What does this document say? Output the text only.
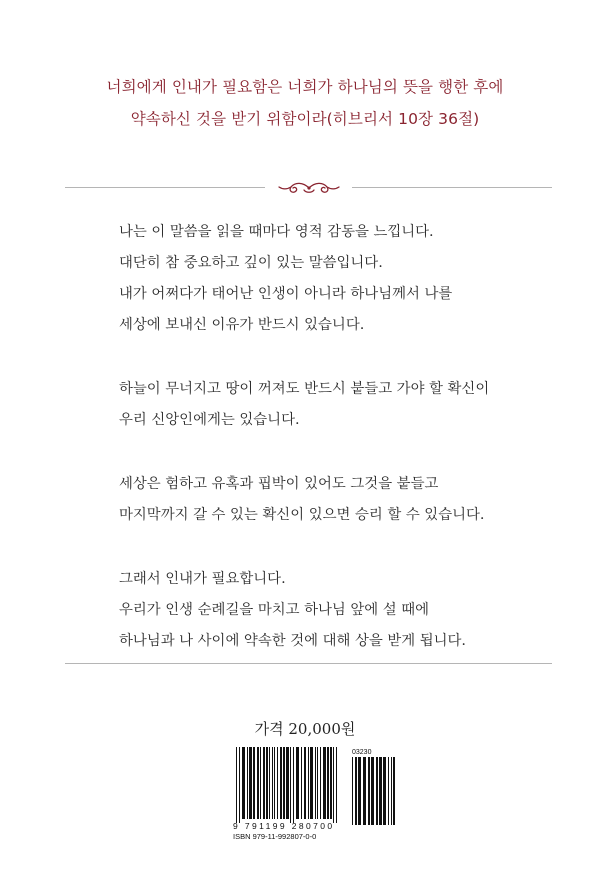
너희에게 인내가 필요함은 너희가 하나님의 뜻을 행한 후에
약속하신 것을 받기 위함이라(히브리서 10장 36절)
나는 이 말씀을 읽을 때마다 영적 감동을 느낍니다.
대단히 참 중요하고 깊이 있는 말씀입니다.
내가 어쩌다가 태어난 인생이 아니라 하나님께서 나를
세상에 보내신 이유가 반드시 있습니다.
하늘이 무너지고 땅이 꺼져도 반드시 붙들고 가야 할 확신이
우리 신앙인에게는 있습니다.
세상은 험하고 유혹과 핍박이 있어도 그것을 붙들고
마지막까지 갈 수 있는 확신이 있으면 승리 할 수 있습니다.
그래서 인내가 필요합니다.
우리가 인생 순례길을 마치고 하나님 앞에 설 때에
하나님과 나 사이에 약속한 것에 대해 상을 받게 됩니다.
가격 20,000원
03230
9 791199 280700
ISBN 979-11-992807-0-0
